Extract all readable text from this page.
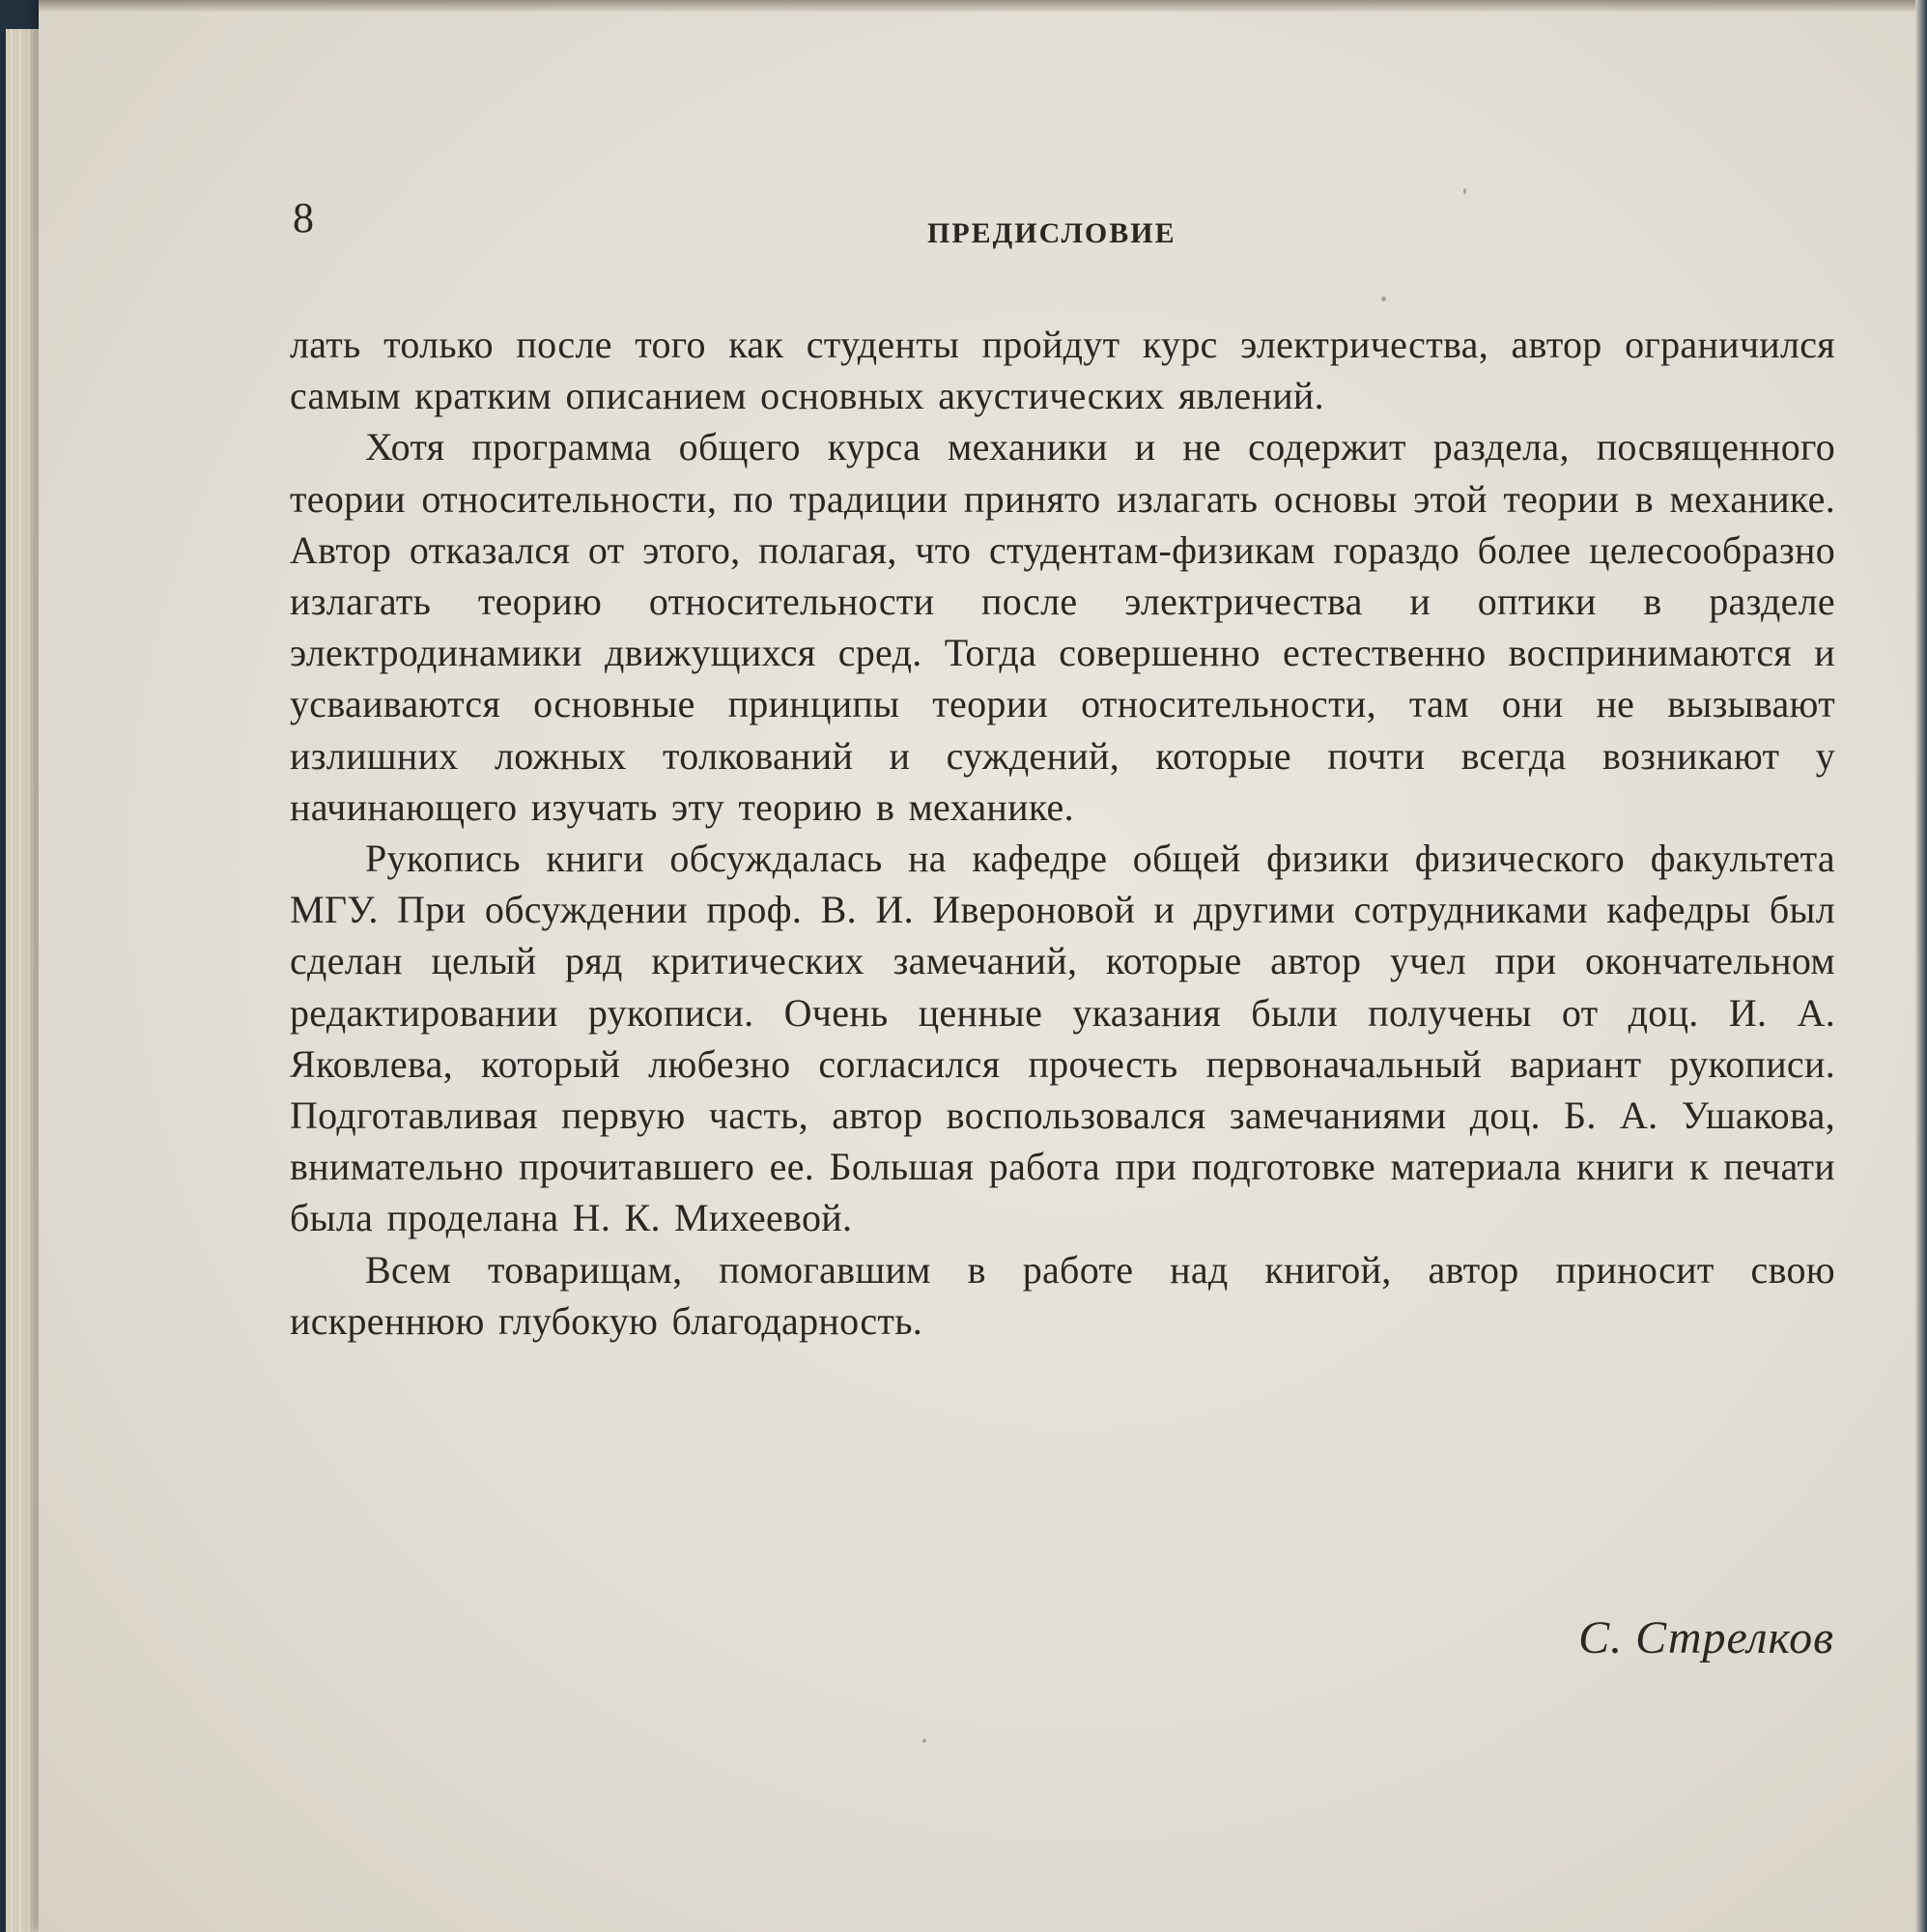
8	ПРЕДИСЛОВИЕ

лать только после того как студенты пройдут курс электричества, автор ограничился самым кратким описанием основных акустических явлений.

Хотя программа общего курса механики и не содержит раздела, посвященного теории относительности, по традиции принято излагать основы этой теории в механике. Автор отказался от этого, полагая, что студентам-физикам гораздо более целесообразно излагать теорию относительности после электричества и оптики в разделе электродинамики движущихся сред. Тогда совершенно естественно воспринимаются и усваиваются основные принципы теории относительности, там они не вызывают излишних ложных толкований и суждений, которые почти всегда возникают у начинающего изучать эту теорию в механике.

Рукопись книги обсуждалась на кафедре общей физики физического факультета МГУ. При обсуждении проф. В. И. Иверoновой и другими сотрудниками кафедры был сделан целый ряд критических замечаний, которые автор учел при окончательном редактировании рукописи. Очень ценные указания были получены от доц. И. А. Яковлева, который любезно согласился прочесть первоначальный вариант рукописи. Подготавливая первую часть, автор воспользовался замечаниями доц. Б. А. Ушакова, внимательно прочитавшего ее. Большая работа при подготовке материала книги к печати была проделана Н. К. Михеевой.

Всем товарищам, помогавшим в работе над книгой, автор приносит свою искреннюю глубокую благодарность.

С. Стрелков
